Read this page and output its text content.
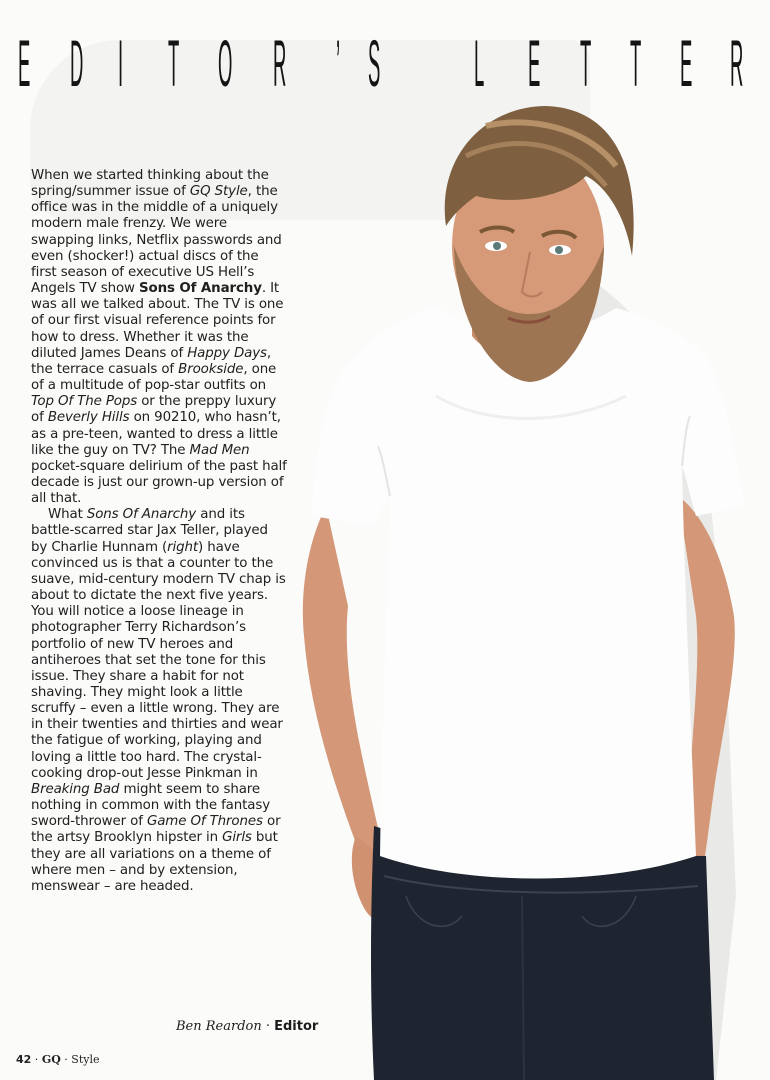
E D I T O R ’ S L E T T E R

When we started thinking about the spring/summer issue of GQ Style, the office was in the middle of a uniquely modern male frenzy. We were swapping links, Netflix passwords and even (shocker!) actual discs of the first season of executive US Hell’s Angels TV show Sons Of Anarchy. It was all we talked about. The TV is one of our first visual reference points for how to dress. Whether it was the diluted James Deans of Happy Days, the terrace casuals of Brookside, one of a multitude of pop-star outfits on Top Of The Pops or the preppy luxury of Beverly Hills on 90210, who hasn’t, as a pre-teen, wanted to dress a little like the guy on TV? The Mad Men pocket-square delirium of the past half decade is just our grown-up version of all that.

What Sons Of Anarchy and its battle-scarred star Jax Teller, played by Charlie Hunnam (right) have convinced us is that a counter to the suave, mid-century modern TV chap is about to dictate the next five years. You will notice a loose lineage in photographer Terry Richardson’s portfolio of new TV heroes and antiheroes that set the tone for this issue. They share a habit for not shaving. They might look a little scruffy – even a little wrong. They are in their twenties and thirties and wear the fatigue of working, playing and loving a little too hard. The crystal-cooking drop-out Jesse Pinkman in Breaking Bad might seem to share nothing in common with the fantasy sword-thrower of Game Of Thrones or the artsy Brooklyn hipster in Girls but they are all variations on a theme of where men – and by extension, menswear – are headed.

Ben Reardon · Editor
42 · GQ · Style
